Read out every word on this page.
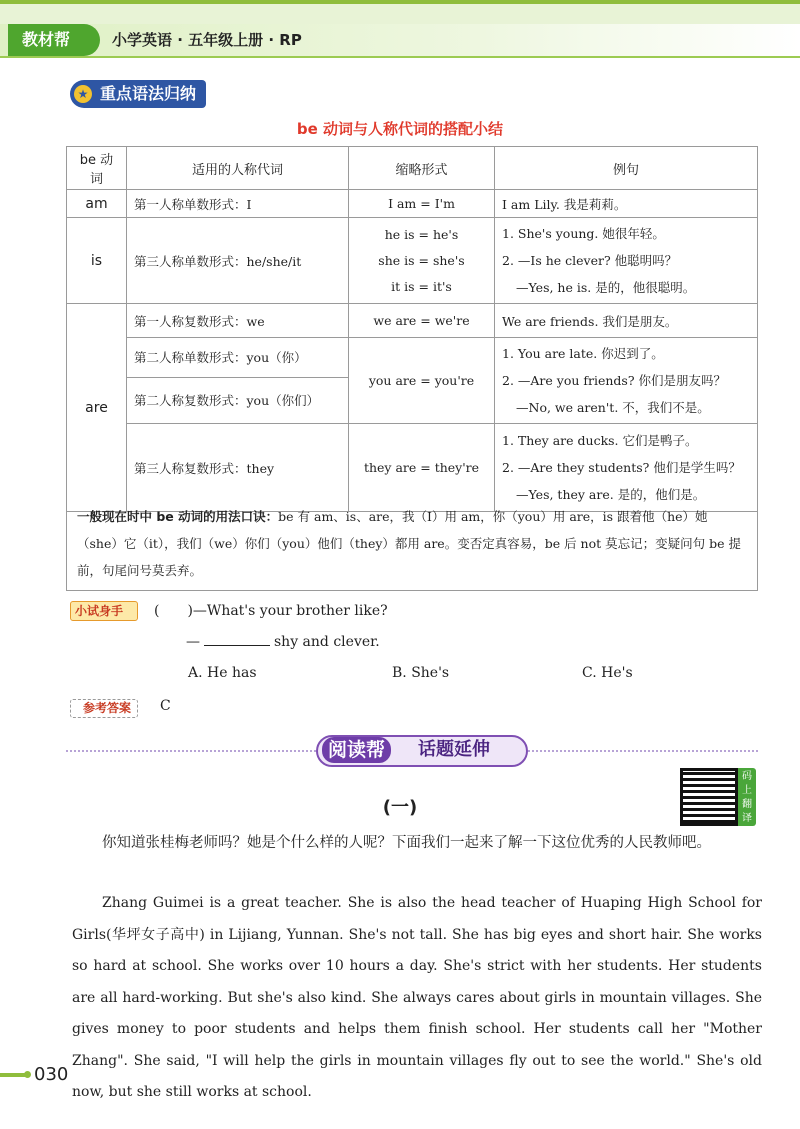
教材帮	小学英语 · 五年级上册 · RP
重点语法归纳
★
be 动词与人称代词的搭配小结
be 动词	适用的人称代词	缩略形式	例句
am	第一人称单数形式：I	I am = I'm	I am Lily. 我是莉莉。
is	第三人称单数形式：he/she/it	he is = he's
she is = she's
it is = it's	1. She's young. 她很年轻。
2. —Is he clever? 他聪明吗？
—Yes, he is. 是的，他很聪明。

are	第一人称复数形式：we	we are = we're	We are friends. 我们是朋友。
	第二人称单数形式：you（你）	you are = you're	1. You are late. 你迟到了。
2. —Are you friends? 你们是朋友吗？
—No, we aren't. 不，我们不是。

	第二人称复数形式：you（你们）		
	第三人称复数形式：they	they are = they're	1. They are ducks. 它们是鸭子。
2. —Are they students? 他们是学生吗？
—Yes, they are. 是的，他们是。
一般现在时中 be 动词的用法口诀：be 有 am、is、are，我（I）用 am，你（you）用 are，is 跟着他（he）她（she）它（it），我们（we）你们（you）他们（they）都用 are。变否定真容易，be 后 not 莫忘记；变疑问句 be 提前，句尾问号莫丢弃。
小试身手	(　　)—What's your brother like?
—	shy and clever.
A. He has	B. She's	C. He's
参考答案	C
阅读帮	话题延伸
码上翻译
(一)
你知道张桂梅老师吗？她是个什么样的人呢？下面我们一起来了解一下这位优秀的人民教师吧。
Zhang Guimei is a great teacher. She is also the head teacher of Huaping High School for Girls(华坪女子高中) in Lijiang, Yunnan. She's not tall. She has big eyes and short hair. She works so hard at school. She works over 10 hours a day. She's strict with her students. Her students are all hard-working. But she's also kind. She always cares about girls in mountain villages. She gives money to poor students and helps them finish school. Her students call her "Mother Zhang". She said, "I will help the girls in mountain villages fly out to see the world." She's old now, but she still works at school.
030
